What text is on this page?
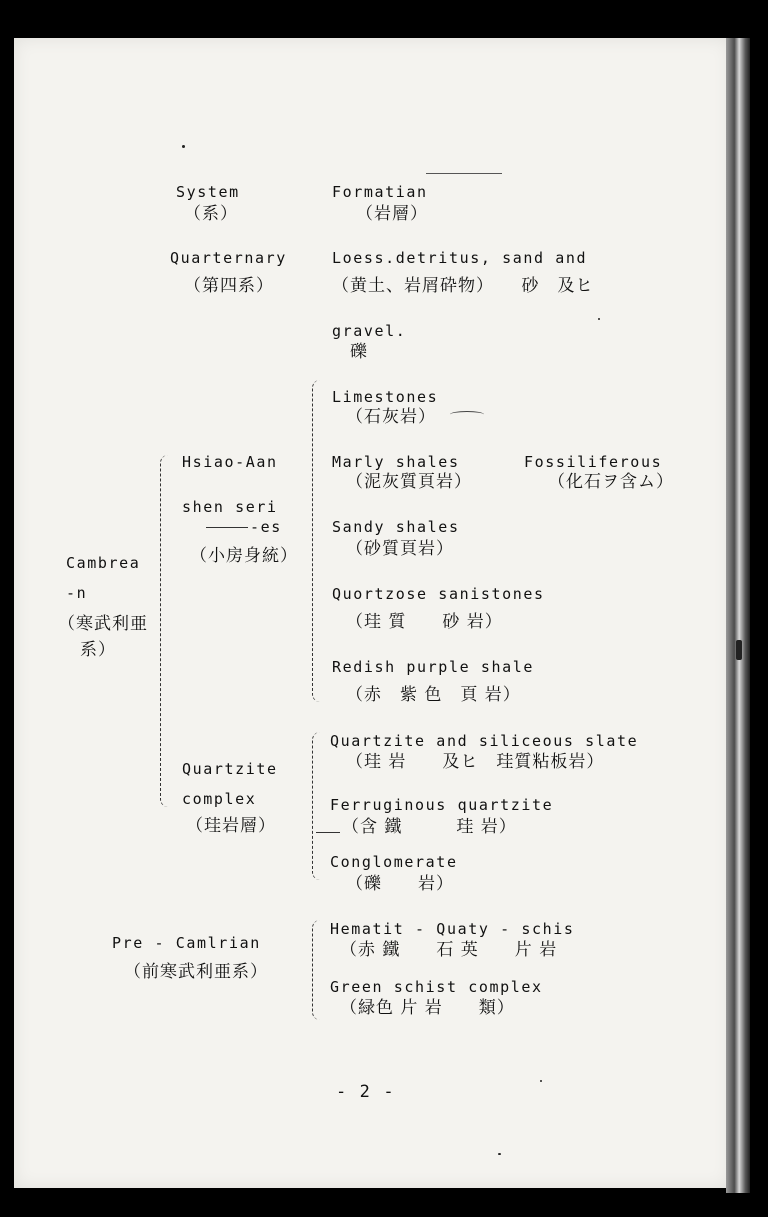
System
（系）
Formatian
（岩層）
Quarternary
（第四系）
Loess.detritus, sand and
（黄土、岩屑砕物）　　砂　及ヒ
gravel.
礫
Cambrea
-n
（寒武利亜
系）
Hsiao-Aan
shen seri
-es
（小房身統）
Limestones
（石灰岩）
Marly shales
（泥灰質頁岩）
Fossiliferous
（化石ヲ含ム）
Sandy shales
（砂質頁岩）
Quortzose sanistones
（珪 質　　砂 岩）
Redish purple shale
（赤　紫 色　頁 岩）
Quartzite
complex
（珪岩層）
Quartzite and siliceous slate
（珪 岩　　及ヒ　珪質粘板岩）
Ferruginous quartzite
（含 鐵　　　珪 岩）
Conglomerate
（礫　　岩）
Pre - Camlrian
（前寒武利亜系）
Hematit - Quaty - schis
（赤 鐵　　石 英　　片 岩
Green schist complex
（緑色 片 岩　　類）
- 2 -
